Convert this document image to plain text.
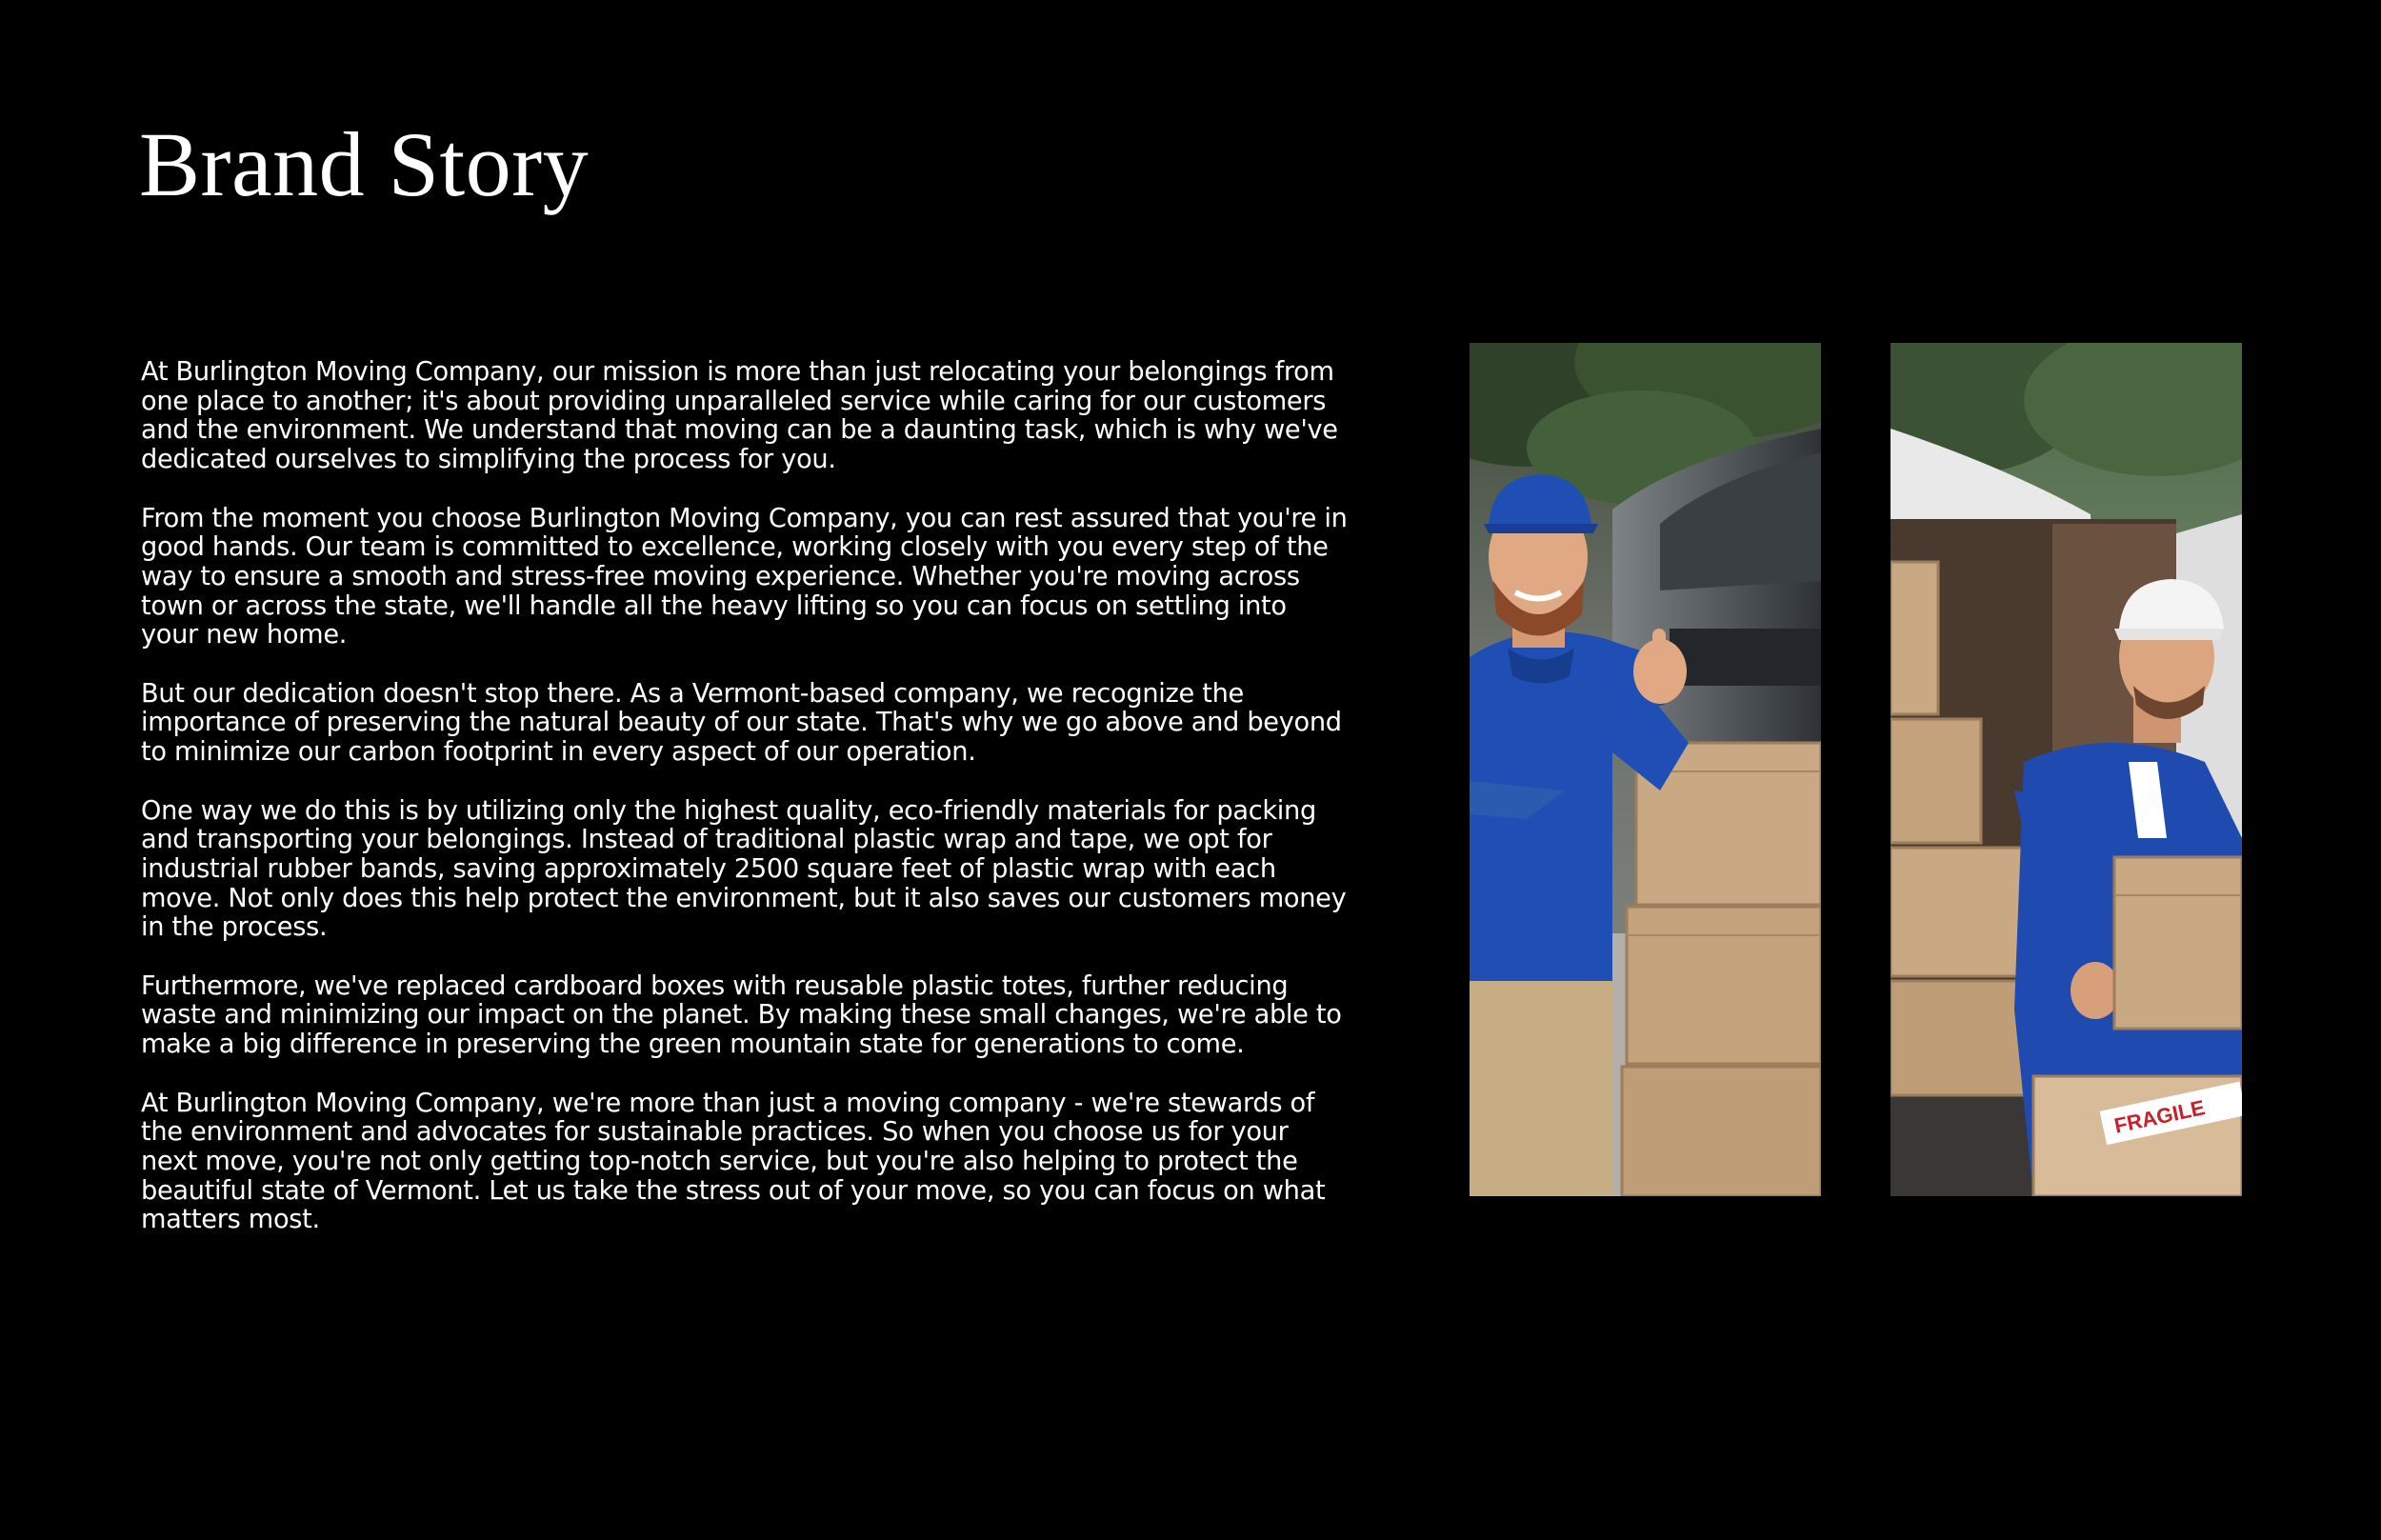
Brand Story

At Burlington Moving Company, our mission is more than just relocating your belongings from one place to another; it's about providing unparalleled service while caring for our customers and the environment. We understand that moving can be a daunting task, which is why we've dedicated ourselves to simplifying the process for you.

From the moment you choose Burlington Moving Company, you can rest assured that you're in good hands. Our team is committed to excellence, working closely with you every step of the way to ensure a smooth and stress-free moving experience. Whether you're moving across town or across the state, we'll handle all the heavy lifting so you can focus on settling into your new home.

But our dedication doesn't stop there. As a Vermont-based company, we recognize the importance of preserving the natural beauty of our state. That's why we go above and beyond to minimize our carbon footprint in every aspect of our operation.

One way we do this is by utilizing only the highest quality, eco-friendly materials for packing and transporting your belongings. Instead of traditional plastic wrap and tape, we opt for industrial rubber bands, saving approximately 2500 square feet of plastic wrap with each move. Not only does this help protect the environment, but it also saves our customers money in the process.

Furthermore, we've replaced cardboard boxes with reusable plastic totes, further reducing waste and minimizing our impact on the planet. By making these small changes, we're able to make a big difference in preserving the green mountain state for generations to come.

At Burlington Moving Company, we're more than just a moving company - we're stewards of the environment and advocates for sustainable practices. So when you choose us for your next move, you're not only getting top-notch service, but you're also helping to protect the beautiful state of Vermont. Let us take the stress out of your move, so you can focus on what matters most.

FRAGILE
